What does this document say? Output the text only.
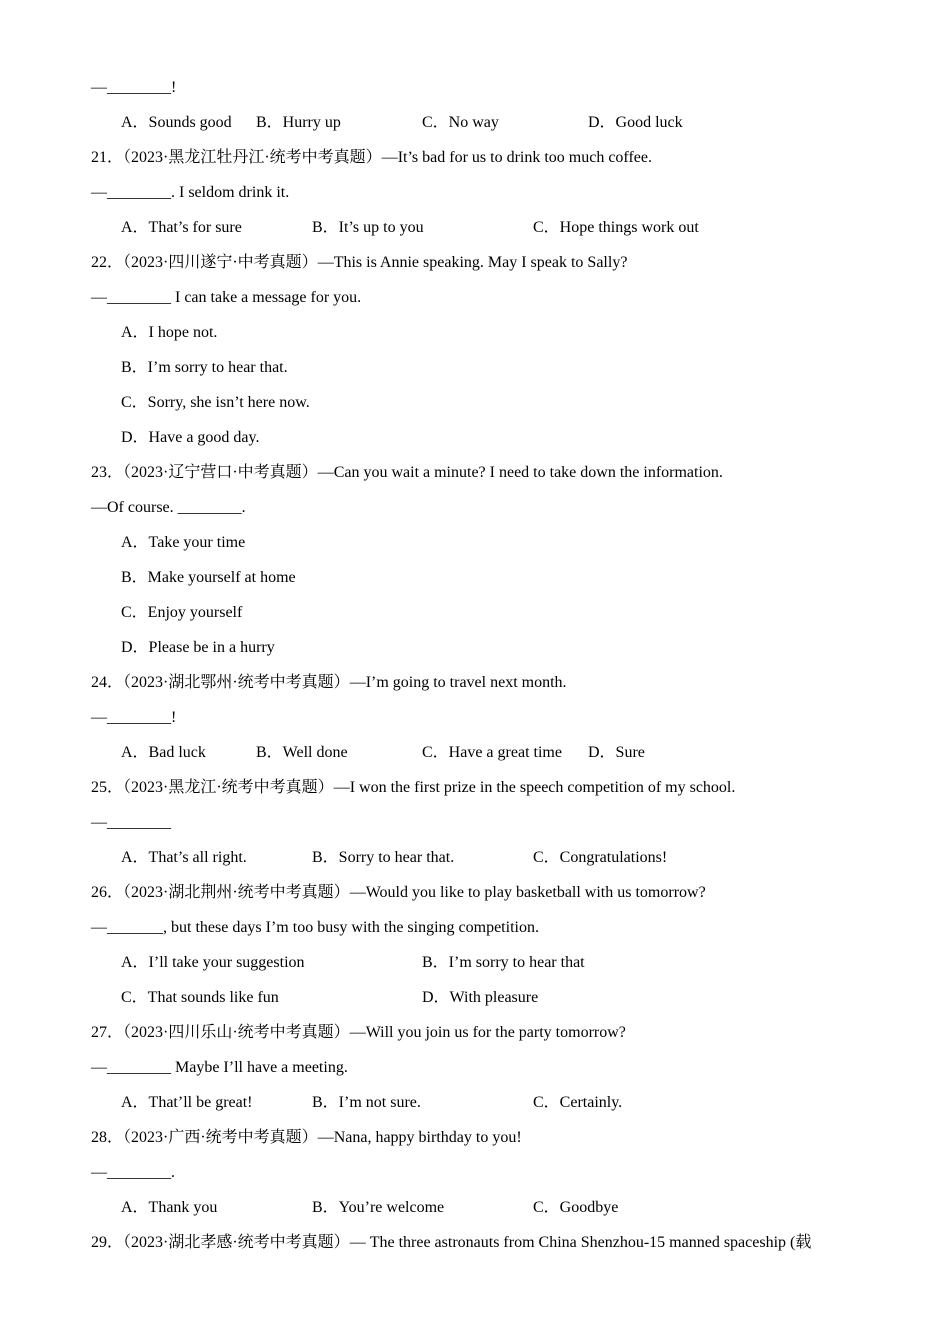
—________!
A．Sounds good B．Hurry up	C．No way	D．Good luck
21．（2023·黑龙江牡丹江·统考中考真题）—It’s bad for us to drink too much coffee.
—________. I seldom drink it.
A．That’s for sure	B．It’s up to you	C．Hope things work out
22．（2023·四川遂宁·中考真题）—This is Annie speaking. May I speak to Sally?
—________ I can take a message for you.
A．I hope not.
B．I’m sorry to hear that.
C．Sorry, she isn’t here now.
D．Have a good day.
23．（2023·辽宁营口·中考真题）—Can you wait a minute? I need to take down the information.
—Of course. ________.
A．Take your time
B．Make yourself at home
C．Enjoy yourself
D．Please be in a hurry
24．（2023·湖北鄂州·统考中考真题）—I’m going to travel next month.
—________!
A．Bad luck	B．Well done	C．Have a great time D．Sure
25．（2023·黑龙江·统考中考真题）—I won the first prize in the speech competition of my school.
—________
A．That’s all right.	B．Sorry to hear that.	C．Congratulations!
26．（2023·湖北荆州·统考中考真题）—Would you like to play basketball with us tomorrow?
—_______, but these days I’m too busy with the singing competition.
A．I’ll take your suggestion	B．I’m sorry to hear that
C．That sounds like fun	D．With pleasure
27．（2023·四川乐山·统考中考真题）—Will you join us for the party tomorrow?
—________ Maybe I’ll have a meeting.
A．That’ll be great!	B．I’m not sure.	C．Certainly.
28．（2023·广西·统考中考真题）—Nana, happy birthday to you!
—________.
A．Thank you	B．You’re welcome	C．Goodbye
29．（2023·湖北孝感·统考中考真题）— The three astronauts from China Shenzhou-15 manned spaceship (载
